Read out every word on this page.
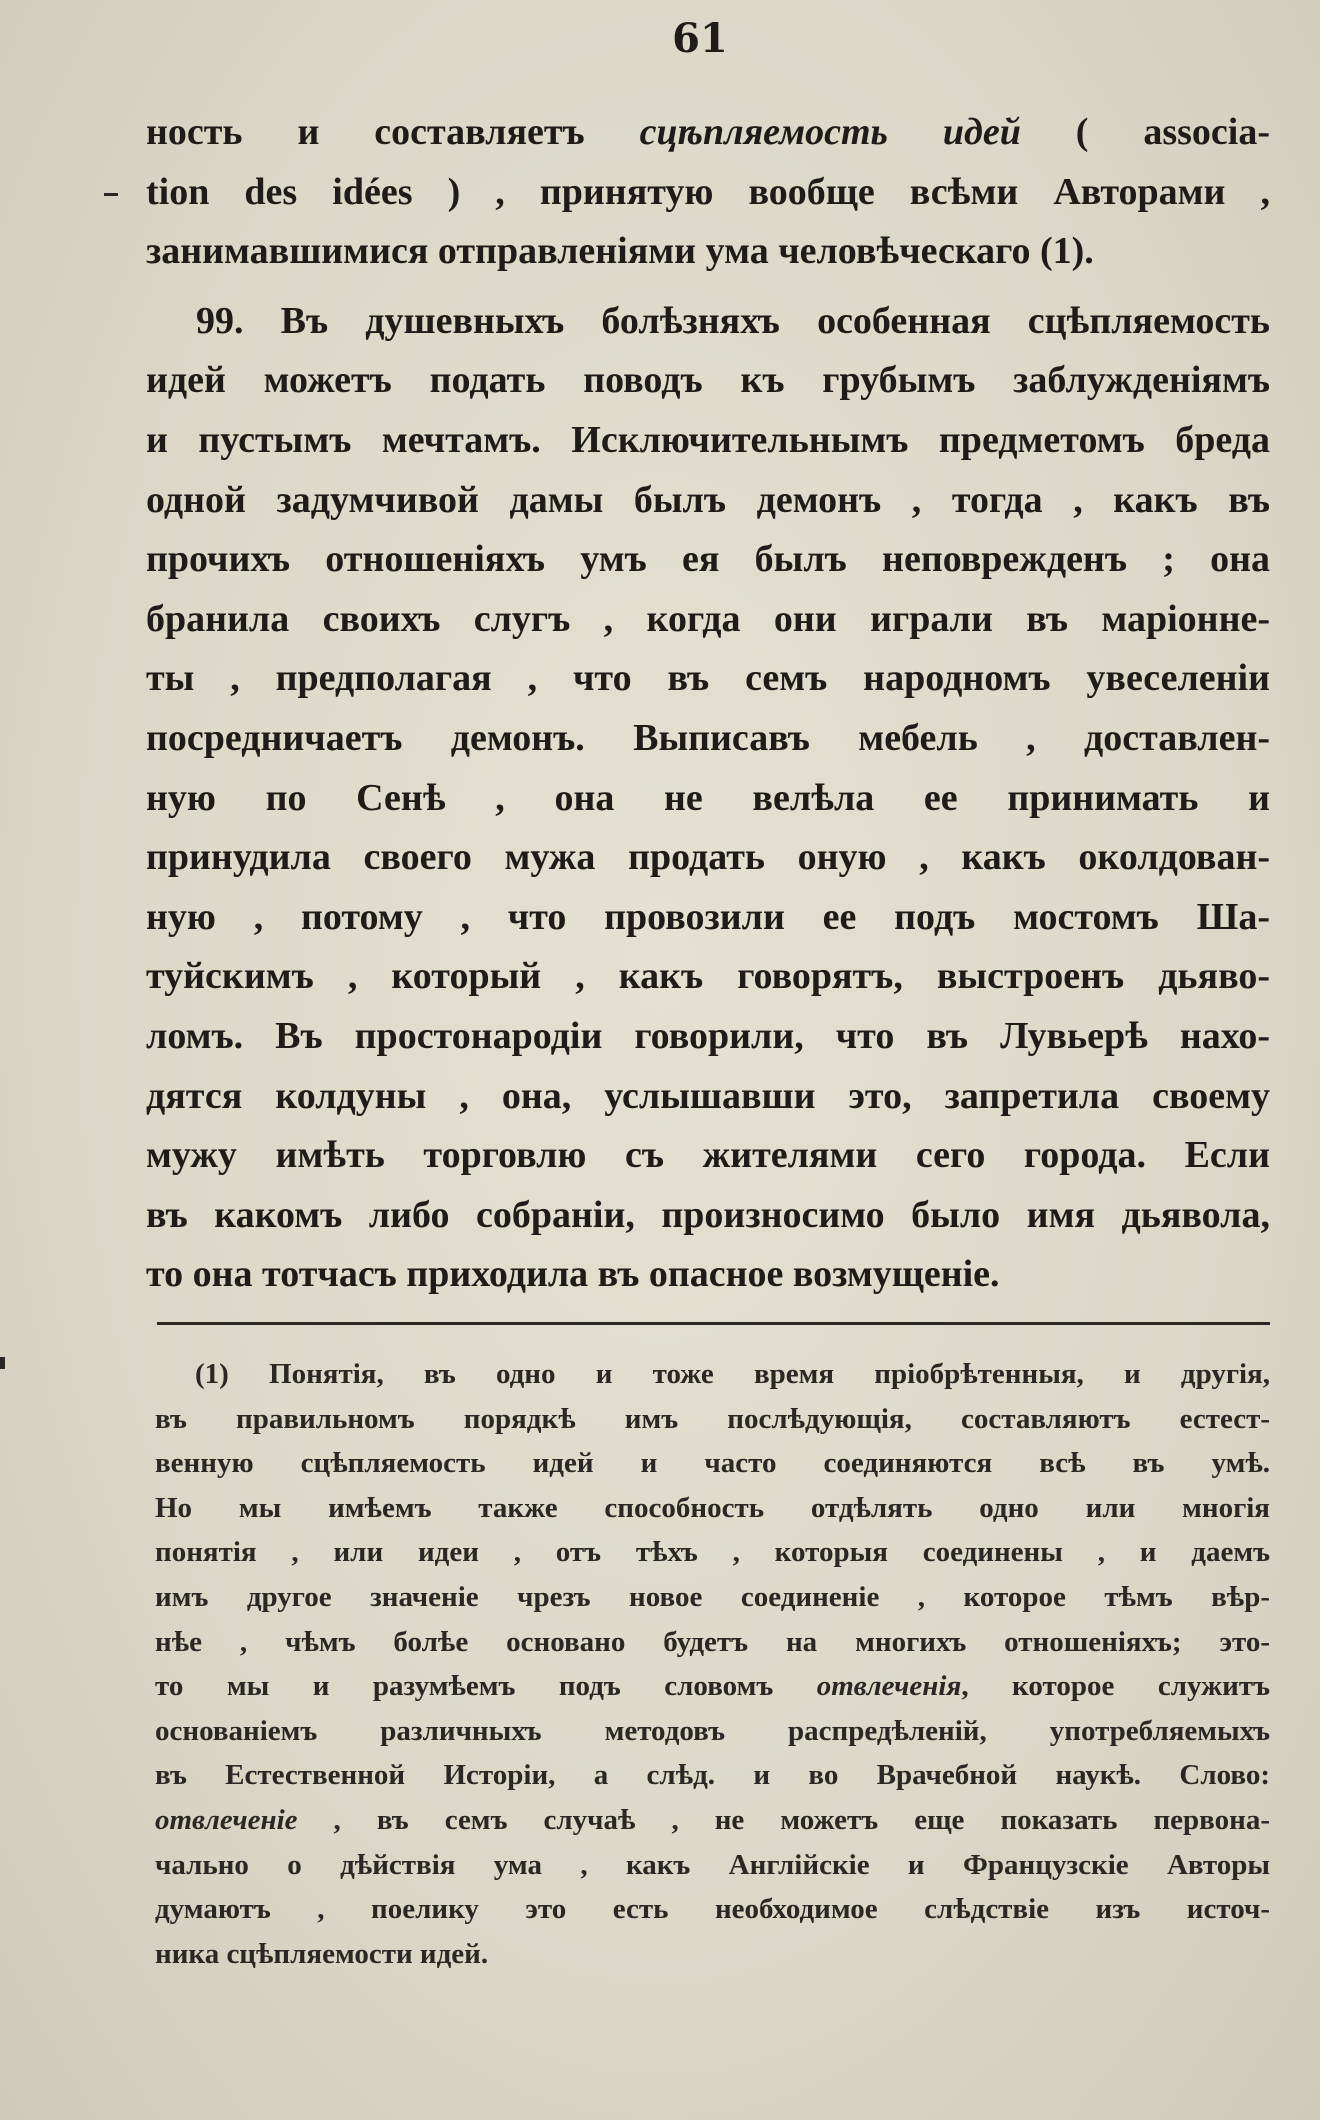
61
ность и составляетъ сцѣпляемость идей ( associa-
tion des idées ) , принятую вообще всѣми Авторами ,
занимавшимися отправленіями ума человѣческаго (1).
99. Въ душевныхъ болѣзняхъ особенная сцѣпляемость
идей можетъ подать поводъ къ грубымъ заблужденіямъ
и пустымъ мечтамъ. Исключительнымъ предметомъ бреда
одной задумчивой дамы былъ демонъ , тогда , какъ въ
прочихъ отношеніяхъ умъ ея былъ неповрежденъ ; она
бранила своихъ слугъ , когда они играли въ маріонне-
ты , предполагая , что въ семъ народномъ увеселеніи
посредничаетъ демонъ. Выписавъ мебель , доставлен-
ную по Сенѣ , она не велѣла ее принимать и
принудила своего мужа продать оную , какъ околдован-
ную , потому , что провозили ее подъ мостомъ Ша-
туйскимъ , который , какъ говорятъ, выстроенъ дьяво-
ломъ. Въ простонародіи говорили, что въ Лувьерѣ нахо-
дятся колдуны , она, услышавши это, запретила своему
мужу имѣть торговлю съ жителями сего города. Если
въ какомъ либо собраніи, произносимо было имя дьявола,
то она тотчасъ приходила въ опасное возмущеніе.
(1) Понятія, въ одно и тоже время пріобрѣтенныя, и другія,
въ правильномъ порядкѣ имъ послѣдующія, составляютъ естест-
венную сцѣпляемость идей и часто соединяются всѣ въ умѣ.
Но мы имѣемъ также способность отдѣлять одно или многія
понятія , или идеи , отъ тѣхъ , которыя соединены , и даемъ
имъ другое значеніе чрезъ новое соединеніе , которое тѣмъ вѣр-
нѣе , чѣмъ болѣе основано будетъ на многихъ отношеніяхъ; это-
то мы и разумѣемъ подъ словомъ отвлеченія, которое служитъ
основаніемъ различныхъ методовъ распредѣленій, употребляемыхъ
въ Естественной Исторіи, а слѣд. и во Врачебной наукѣ. Слово:
отвлеченіе , въ семъ случаѣ , не можетъ еще показать первона-
чально о дѣйствія ума , какъ Англійскіе и Французскіе Авторы
думаютъ , поелику это есть необходимое слѣдствіе изъ источ-
ника сцѣпляемости идей.
